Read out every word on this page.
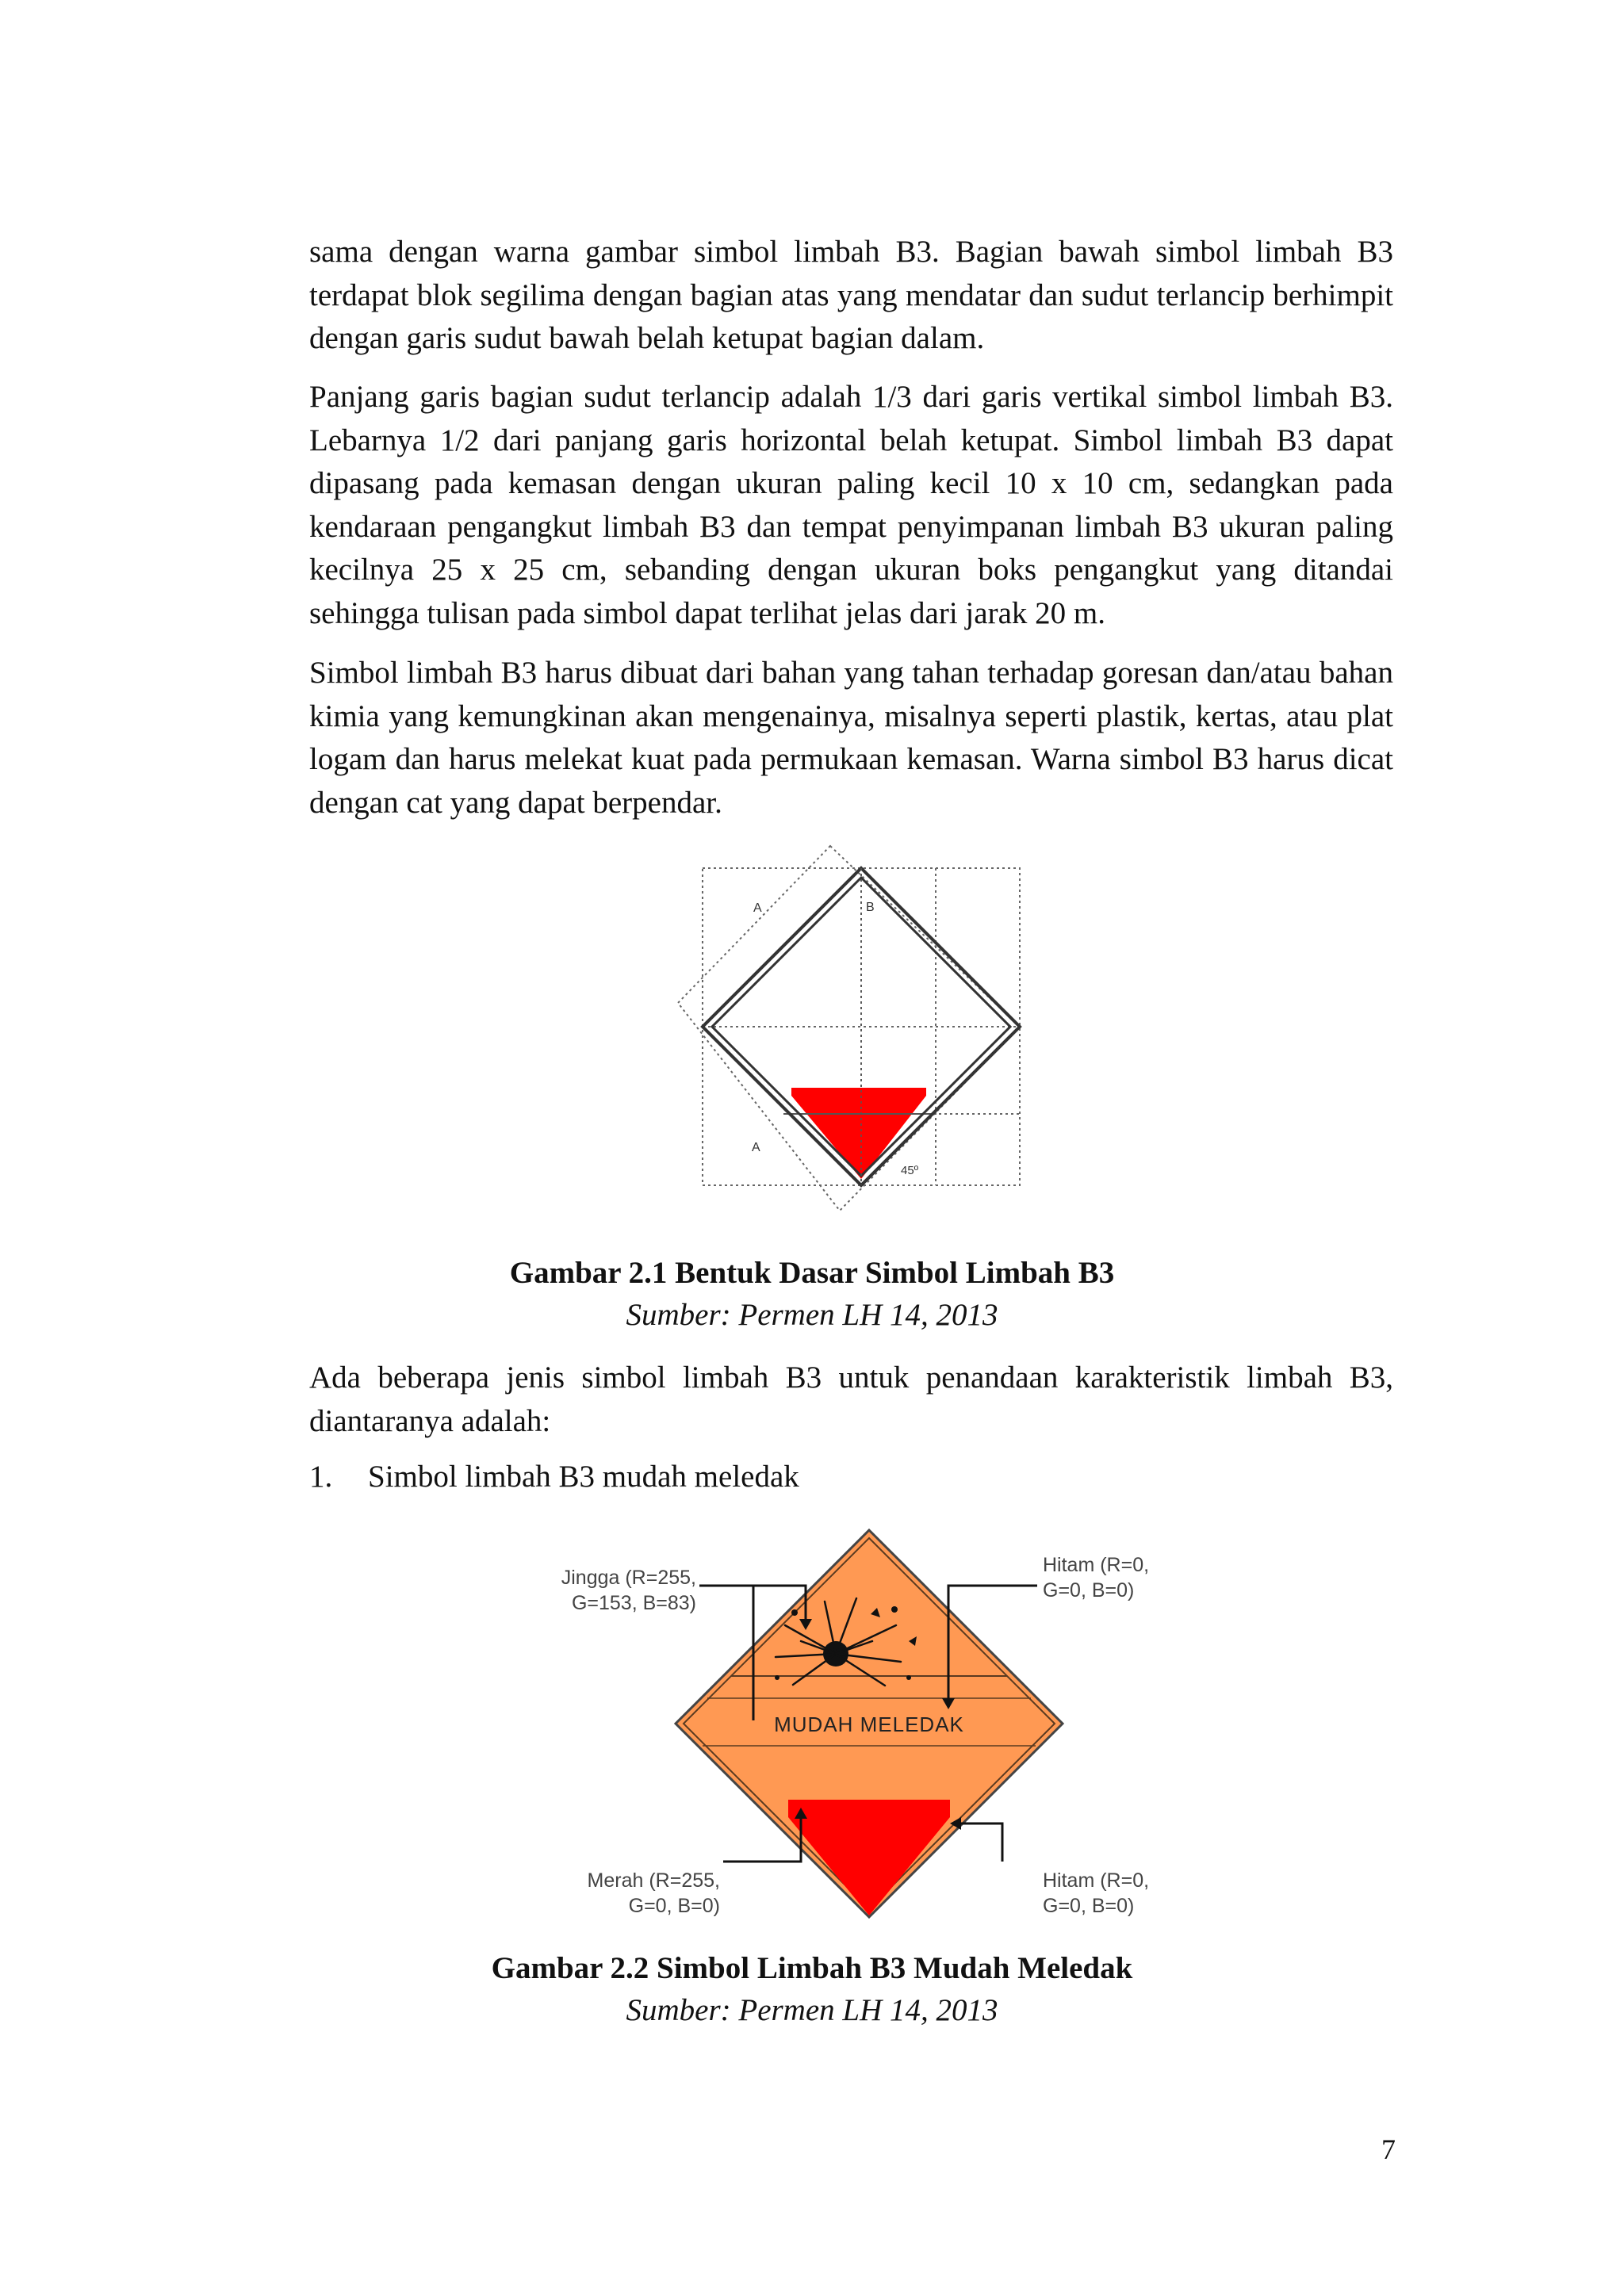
sama dengan warna gambar simbol limbah B3. Bagian bawah simbol limbah B3 terdapat blok segilima dengan bagian atas yang mendatar dan sudut terlancip berhimpit dengan garis sudut bawah belah ketupat bagian dalam.

Panjang garis bagian sudut terlancip adalah 1/3 dari garis vertikal simbol limbah B3. Lebarnya 1/2 dari panjang garis horizontal belah ketupat. Simbol limbah B3 dapat dipasang pada kemasan dengan ukuran paling kecil 10 x 10 cm, sedangkan pada kendaraan pengangkut limbah B3 dan tempat penyimpanan limbah B3 ukuran paling kecilnya 25 x 25 cm, sebanding dengan ukuran boks pengangkut yang ditandai sehingga tulisan pada simbol dapat terlihat jelas dari jarak 20 m.

Simbol limbah B3 harus dibuat dari bahan yang tahan terhadap goresan dan/atau bahan kimia yang kemungkinan akan mengenainya, misalnya seperti plastik, kertas, atau plat logam dan harus melekat kuat pada permukaan kemasan. Warna simbol B3 harus dicat dengan cat yang dapat berpendar.

A	B
A
45º

Gambar 2.1 Bentuk Dasar Simbol Limbah B3

Sumber: Permen LH 14, 2013

Ada beberapa jenis simbol limbah B3 untuk penandaan karakteristik limbah B3, diantaranya adalah:

1. Simbol limbah B3 mudah meledak
MUDAH MELEDAK
Jingga (R=255,
G=153, B=83)
Hitam (R=0,
G=0, B=0)
Merah (R=255,
G=0, B=0)
Hitam (R=0,
G=0, B=0)

Gambar 2.2 Simbol Limbah B3 Mudah Meledak

Sumber: Permen LH 14, 2013

7
